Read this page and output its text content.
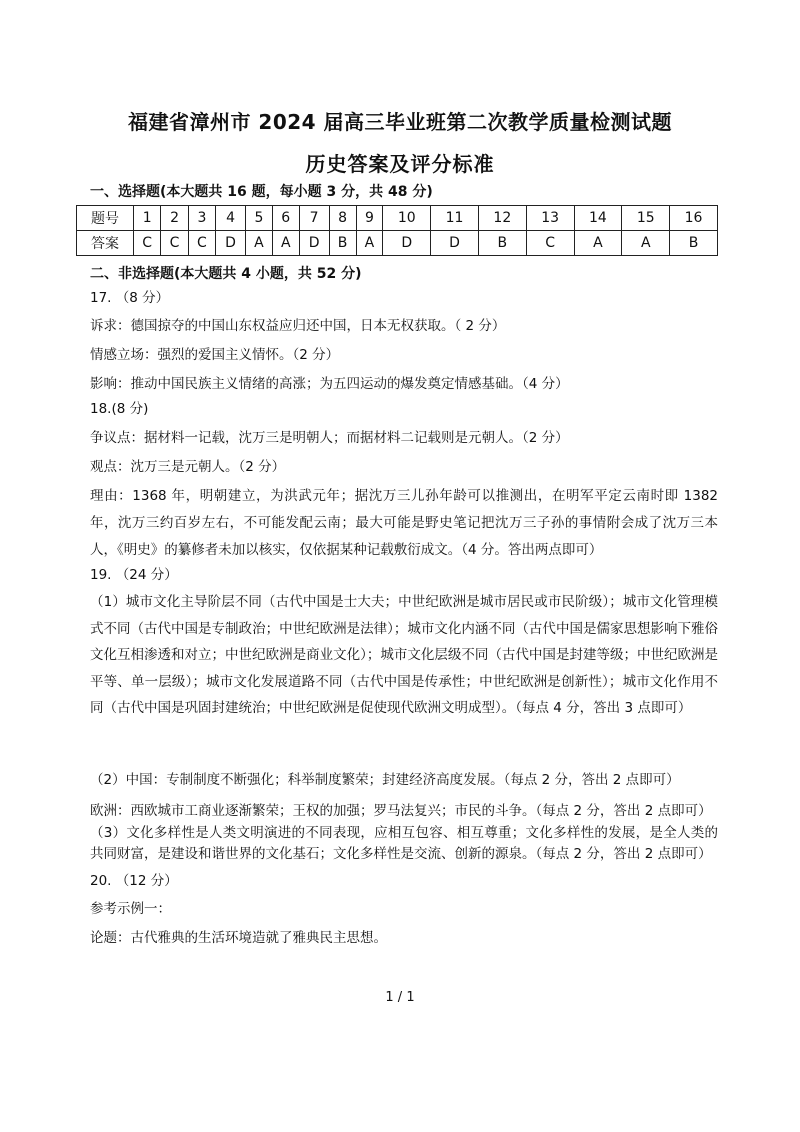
福建省漳州市 2024 届高三毕业班第二次教学质量检测试题
历史答案及评分标准
一、选择题(本大题共 16 题，每小题 3 分，共 48 分)
题号	1	2	3	4	5	6	7	8	9	10	11	12	13	14	15	16
答案	C	C	C	D	A	A	D	B	A	D	D	B	C	A	A	B
二、非选择题(本大题共 4 小题，共 52 分)
17. （8 分）
诉求：德国掠夺的中国山东权益应归还中国，日本无权获取。（ 2 分）
情感立场：强烈的爱国主义情怀。（2 分）
影响：推动中国民族主义情绪的高涨；为五四运动的爆发奠定情感基础。（4 分）
18.(8 分)
争议点：据材料一记载，沈万三是明朝人；而据材料二记载则是元朝人。（2 分）
观点：沈万三是元朝人。（2 分）
理由：1368 年，明朝建立，为洪武元年；据沈万三儿孙年龄可以推测出，在明军平定云南时即 1382 年，沈万三约百岁左右，不可能发配云南；最大可能是野史笔记把沈万三子孙的事情附会成了沈万三本人，《明史》的纂修者未加以核实，仅依据某种记载敷衍成文。（4 分。答出两点即可）
19. （24 分）
（1）城市文化主导阶层不同（古代中国是士大夫；中世纪欧洲是城市居民或市民阶级）；城市文化管理模式不同（古代中国是专制政治；中世纪欧洲是法律）；城市文化内涵不同（古代中国是儒家思想影响下雅俗文化互相渗透和对立；中世纪欧洲是商业文化）；城市文化层级不同（古代中国是封建等级；中世纪欧洲是平等、单一层级）；城市文化发展道路不同（古代中国是传承性；中世纪欧洲是创新性）；城市文化作用不同（古代中国是巩固封建统治；中世纪欧洲是促使现代欧洲文明成型）。（每点 4 分，答出 3 点即可）
（2）中国：专制制度不断强化；科举制度繁荣；封建经济高度发展。（每点 2 分，答出 2 点即可）
欧洲：西欧城市工商业逐渐繁荣；王权的加强；罗马法复兴；市民的斗争。（每点 2 分，答出 2 点即可）
（3）文化多样性是人类文明演进的不同表现，应相互包容、相互尊重；文化多样性的发展，是全人类的共同财富，是建设和谐世界的文化基石；文化多样性是交流、创新的源泉。（每点 2 分，答出 2 点即可）
20. （12 分）
参考示例一：
论题：古代雅典的生活环境造就了雅典民主思想。
1 / 1
